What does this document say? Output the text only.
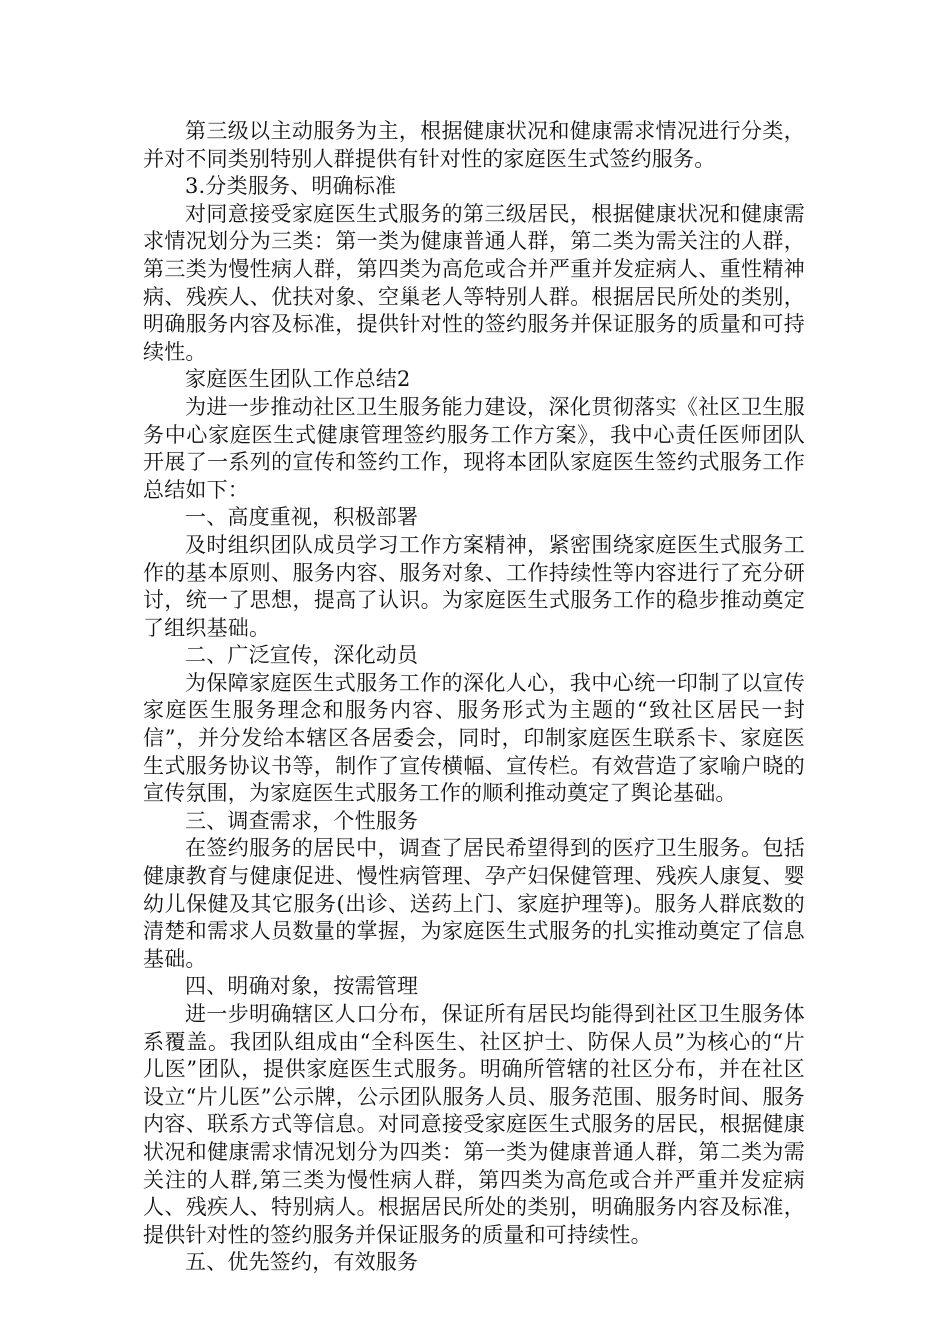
第三级以主动服务为主，根据健康状况和健康需求情况进行分类，并对不同类别特别人群提供有针对性的家庭医生式签约服务。

3.分类服务、明确标准

对同意接受家庭医生式服务的第三级居民，根据健康状况和健康需求情况划分为三类：第一类为健康普通人群，第二类为需关注的人群，第三类为慢性病人群，第四类为高危或合并严重并发症病人、重性精神病、残疾人、优扶对象、空巢老人等特别人群。根据居民所处的类别，明确服务内容及标准，提供针对性的签约服务并保证服务的质量和可持续性。

家庭医生团队工作总结2

为进一步推动社区卫生服务能力建设，深化贯彻落实《社区卫生服务中心家庭医生式健康管理签约服务工作方案》，我中心责任医师团队开展了一系列的宣传和签约工作，现将本团队家庭医生签约式服务工作总结如下：

一、高度重视，积极部署

及时组织团队成员学习工作方案精神，紧密围绕家庭医生式服务工作的基本原则、服务内容、服务对象、工作持续性等内容进行了充分研讨，统一了思想，提高了认识。为家庭医生式服务工作的稳步推动奠定了组织基础。

二、广泛宣传，深化动员

为保障家庭医生式服务工作的深化人心，我中心统一印制了以宣传家庭医生服务理念和服务内容、服务形式为主题的“致社区居民一封信”，并分发给本辖区各居委会，同时，印制家庭医生联系卡、家庭医生式服务协议书等，制作了宣传横幅、宣传栏。有效营造了家喻户晓的宣传氛围，为家庭医生式服务工作的顺利推动奠定了舆论基础。

三、调查需求，个性服务

在签约服务的居民中，调查了居民希望得到的医疗卫生服务。包括健康教育与健康促进、慢性病管理、孕产妇保健管理、残疾人康复、婴幼儿保健及其它服务(出诊、送药上门、家庭护理等)。服务人群底数的清楚和需求人员数量的掌握，为家庭医生式服务的扎实推动奠定了信息基础。

四、明确对象，按需管理

进一步明确辖区人口分布，保证所有居民均能得到社区卫生服务体系覆盖。我团队组成由“全科医生、社区护士、防保人员”为核心的“片儿医”团队，提供家庭医生式服务。明确所管辖的社区分布，并在社区设立“片儿医”公示牌，公示团队服务人员、服务范围、服务时间、服务内容、联系方式等信息。对同意接受家庭医生式服务的居民，根据健康状况和健康需求情况划分为四类：第一类为健康普通人群，第二类为需关注的人群,第三类为慢性病人群，第四类为高危或合并严重并发症病人、残疾人、特别病人。根据居民所处的类别，明确服务内容及标准，提供针对性的签约服务并保证服务的质量和可持续性。

五、优先签约，有效服务
